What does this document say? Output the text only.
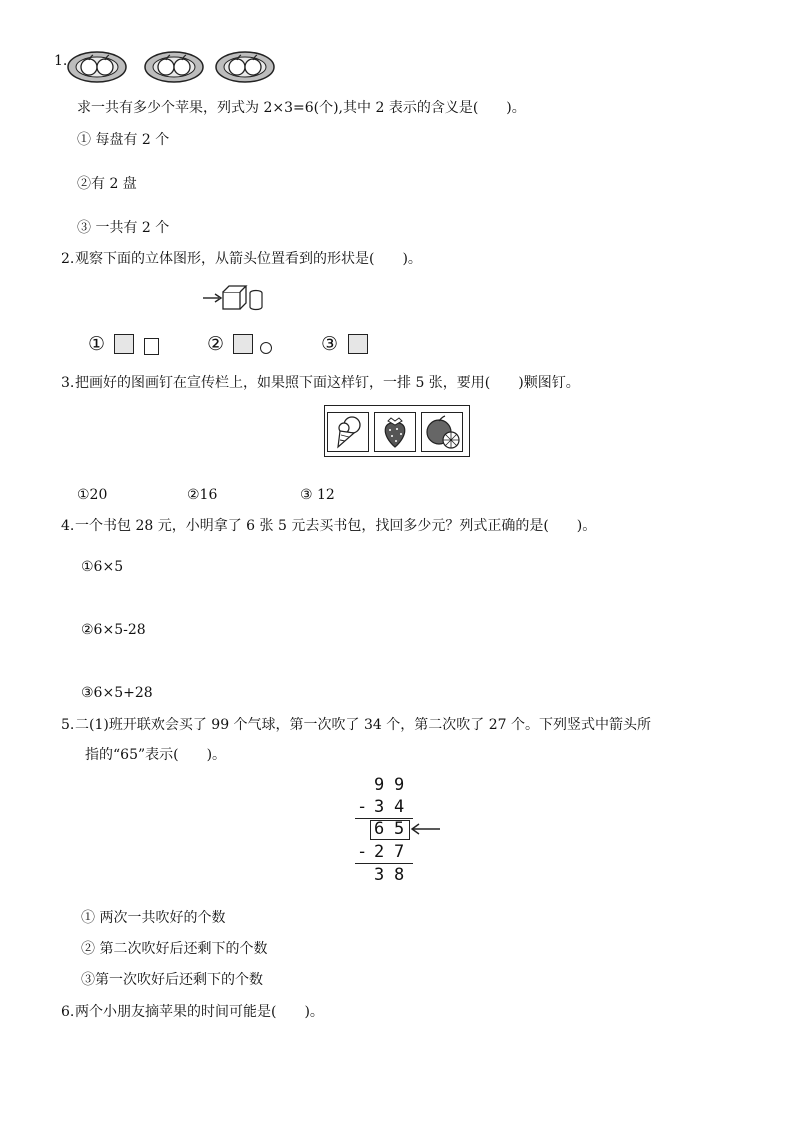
1.
求一共有多少个苹果，列式为 2×3=6(个),其中 2 表示的含义是(　　)。
① 每盘有 2 个
②有 2 盘
③ 一共有 2 个
2. 观察下面的立体图形，从箭头位置看到的形状是(　　)。
①	②	③
3. 把画好的图画钉在宣传栏上，如果照下面这样钉，一排 5 张，要用(　　)颗图钉。
①20	②16	③ 12
4. 一个书包 28 元，小明拿了 6 张 5 元去买书包，找回多少元？列式正确的是(　　)。
①6×5
②6×5-28
③6×5+28
5. 二(1)班开联欢会买了 99 个气球，第一次吹了 34 个，第二次吹了 27 个。下列竖式中箭头所
指的“65”表示(　　)。
9 9
- 3 4
6 5
- 2 7
3 8
① 两次一共吹好的个数
② 第二次吹好后还剩下的个数
③第一次吹好后还剩下的个数
6. 两个小朋友摘苹果的时间可能是(　　)。
